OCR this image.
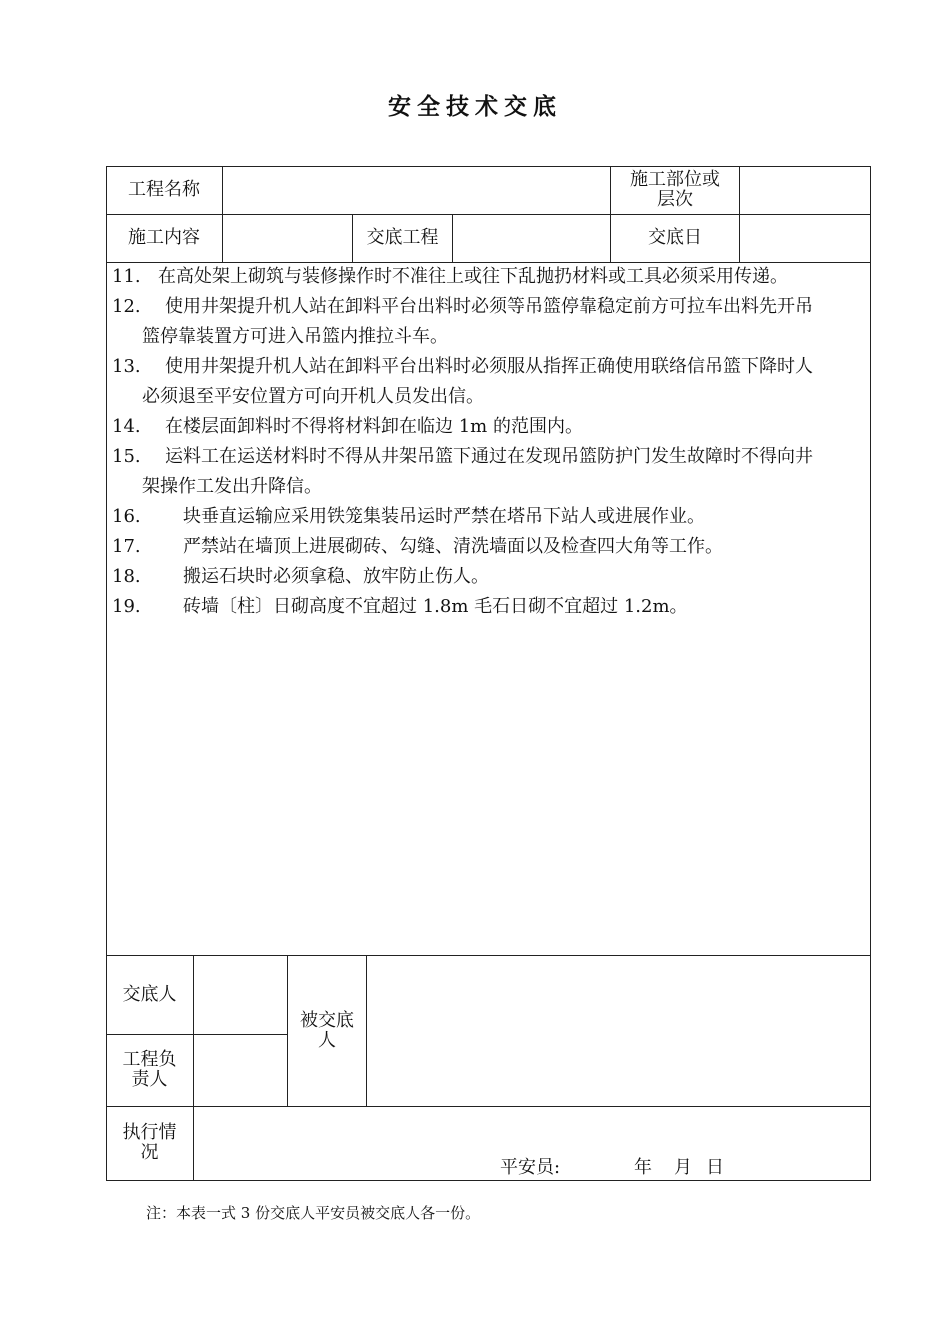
安全技术交底
工程名称	施工部位或层次
施工内容	交底工程	交底日
交底人
工程负责人
被交底人
执行情况
11. 在高处架上砌筑与装修操作时不准往上或往下乱抛扔材料或工具必须采用传递。
12.	使用井架提升机人站在卸料平台出料时必须等吊篮停靠稳定前方可拉车出料先开吊
篮停靠装置方可进入吊篮内推拉斗车。
13.	使用井架提升机人站在卸料平台出料时必须服从指挥正确使用联络信吊篮下降时人
必须退至平安位置方可向开机人员发出信。
14.	在楼层面卸料时不得将材料卸在临边 1m 的范围内。
15.	运料工在运送材料时不得从井架吊篮下通过在发现吊篮防护门发生故障时不得向井
架操作工发出升降信。
16.	块垂直运输应采用铁笼集装吊运时严禁在塔吊下站人或进展作业。
17.	严禁站在墙顶上进展砌砖、勾缝、清洗墙面以及检查四大角等工作。
18.	搬运石块时必须拿稳、放牢防止伤人。
19.	砖墙〔柱〕日砌高度不宜超过 1.8m 毛石日砌不宜超过 1.2m。
平安员:	年 月 日
注：本表一式 3 份交底人平安员被交底人各一份。
